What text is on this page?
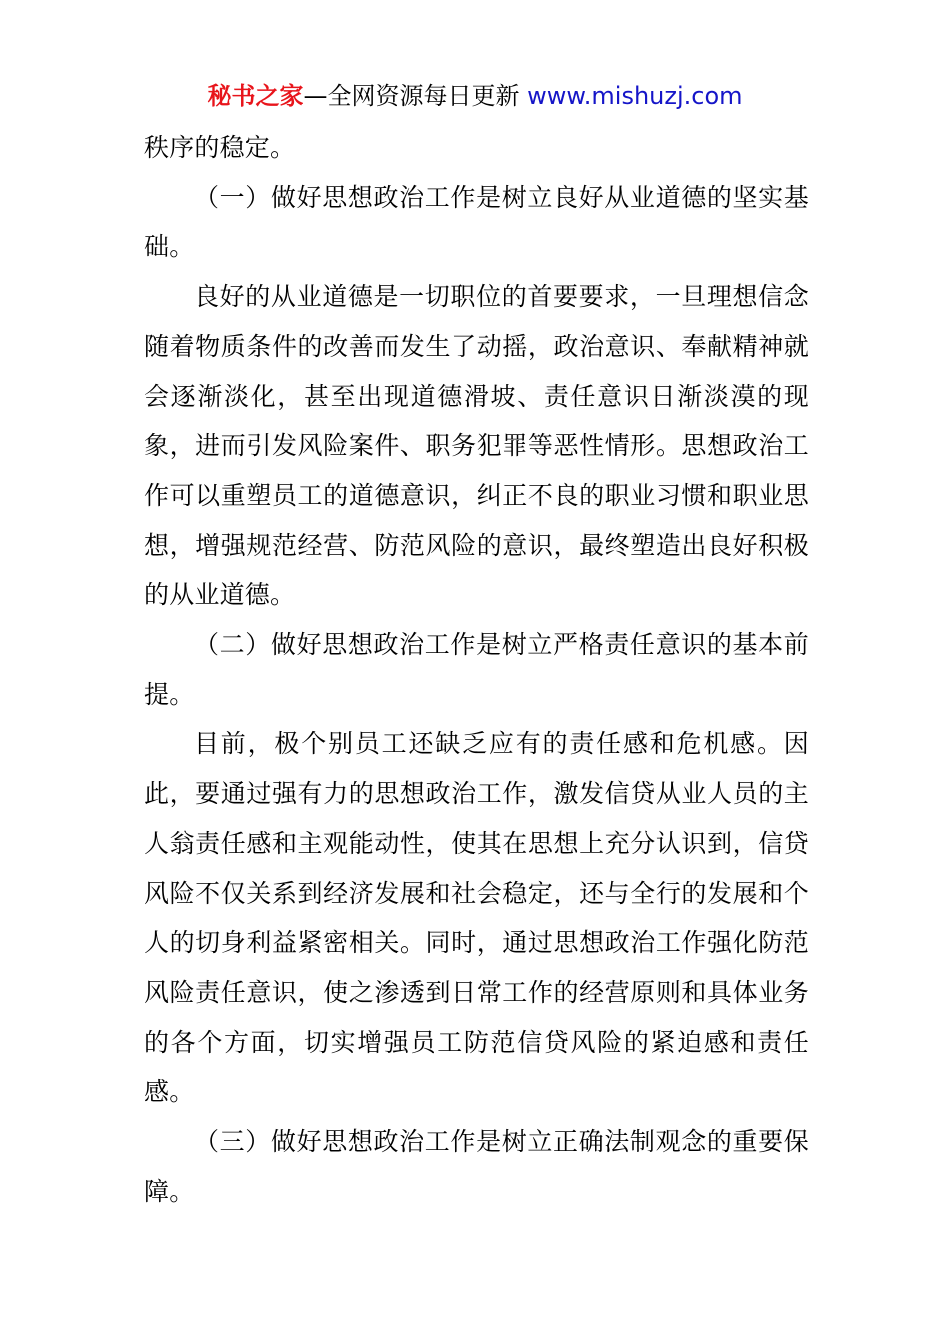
秘书之家—全网资源每日更新 www.mishuzj.com

秩序的稳定。

（一）做好思想政治工作是树立良好从业道德的坚实基础。

良好的从业道德是一切职位的首要要求，一旦理想信念随着物质条件的改善而发生了动摇，政治意识、奉献精神就会逐渐淡化，甚至出现道德滑坡、责任意识日渐淡漠的现象，进而引发风险案件、职务犯罪等恶性情形。思想政治工作可以重塑员工的道德意识，纠正不良的职业习惯和职业思想，增强规范经营、防范风险的意识，最终塑造出良好积极的从业道德。

（二）做好思想政治工作是树立严格责任意识的基本前提。

目前，极个别员工还缺乏应有的责任感和危机感。因此，要通过强有力的思想政治工作，激发信贷从业人员的主人翁责任感和主观能动性，使其在思想上充分认识到，信贷风险不仅关系到经济发展和社会稳定，还与全行的发展和个人的切身利益紧密相关。同时，通过思想政治工作强化防范风险责任意识，使之渗透到日常工作的经营原则和具体业务的各个方面，切实增强员工防范信贷风险的紧迫感和责任感。

（三）做好思想政治工作是树立正确法制观念的重要保障。
